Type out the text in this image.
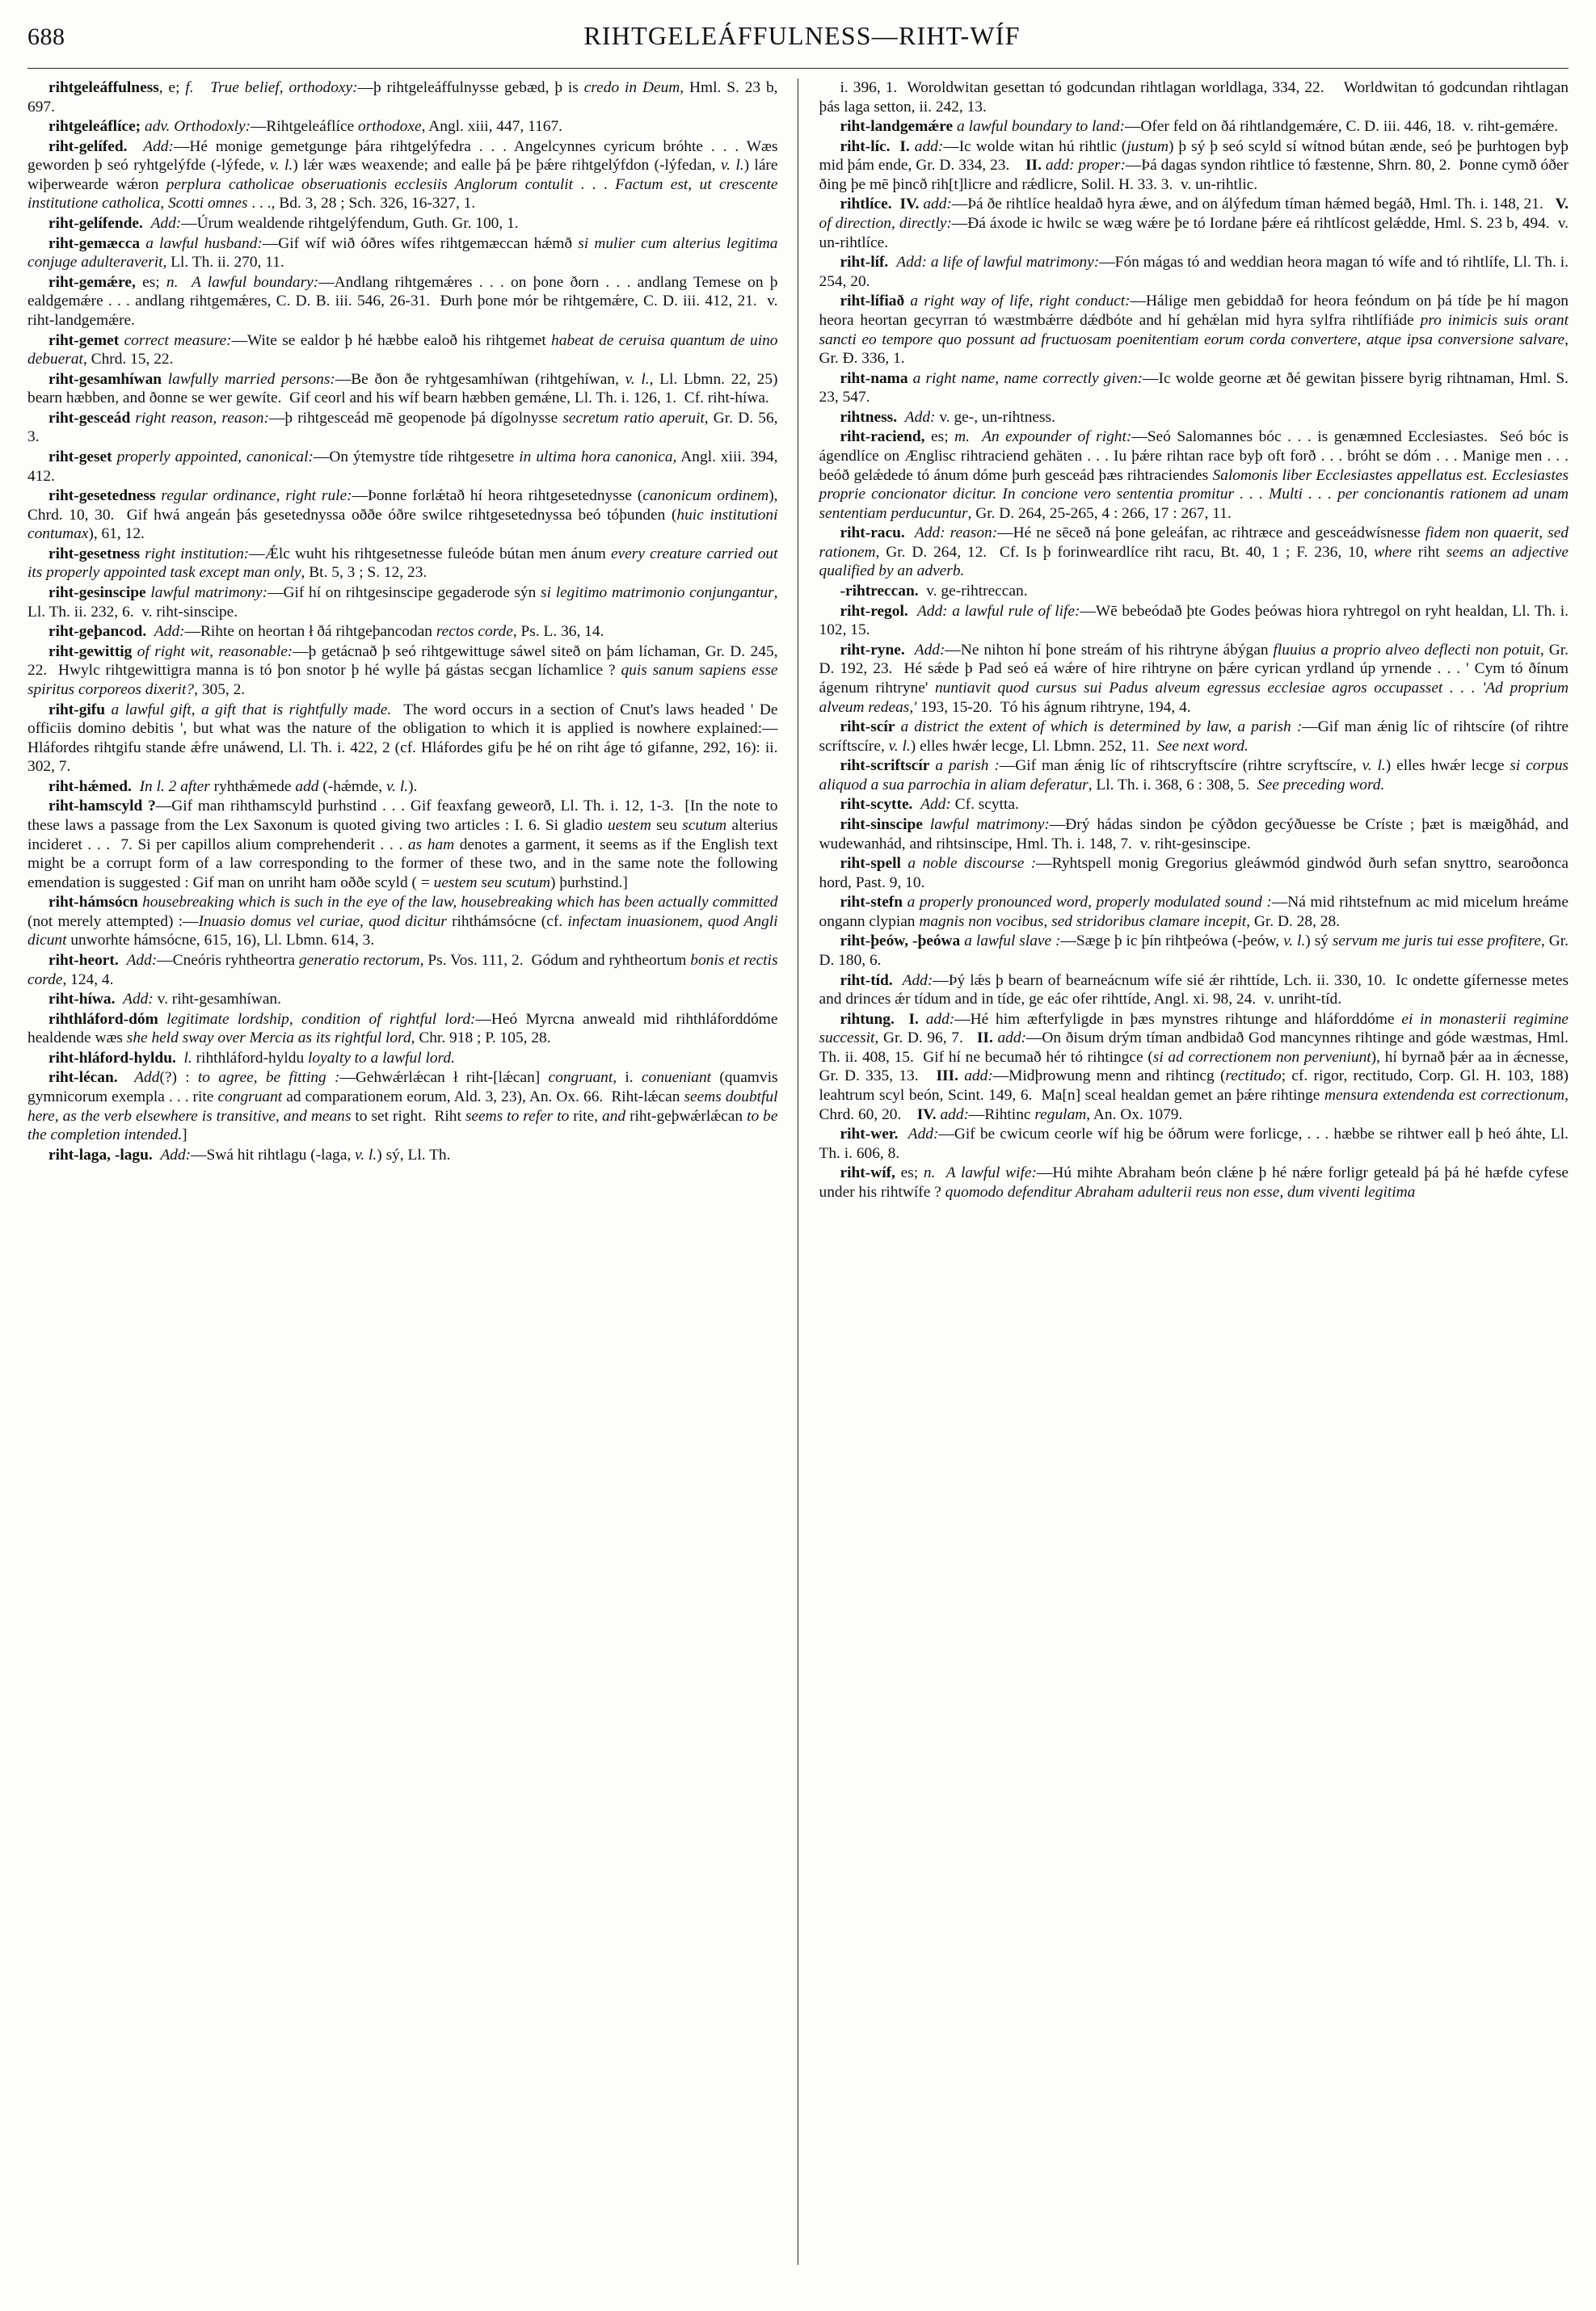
688	RIHTGELEÁFFULNESS—RIHT-WÍF

rihtgeleáffulness, e; f. True belief, orthodoxy:—þ rihtgeleáffulnysse gebæd, þ is credo in Deum, Hml. S. 23 b, 697.

rihtgeleáflíce; adv. Orthodoxly:—Rihtgeleáflíce orthodoxe, Angl. xiii, 447, 1167.

riht-gelífed. Add:—Hé monige gemetgunge þára rihtgelýfedra . . . Angelcynnes cyricum bróhte . . . Wæs geworden þ seó ryhtgelýfde (-lýfede, v. l.) lǽr wæs weaxende; and ealle þá þe þǽre rihtgelýfdon (-lýfedan, v. l.) láre wiþerwearde wǽron perplura catholicae obseruationis ecclesiis Anglorum contulit . . . Factum est, ut crescente institutione catholica, Scotti omnes . . ., Bd. 3, 28 ; Sch. 326, 16-327, 1.

riht-gelífende. Add:—Úrum wealdende rihtgelýfendum, Guth. Gr. 100, 1.

riht-gemæcca a lawful husband:—Gif wíf wið óðres wífes rihtgemæccan hǽmð si mulier cum alterius legitima conjuge adulteraverit, Ll. Th. ii. 270, 11.

riht-gemǽre, es; n. A lawful boundary:—Andlang rihtgemǽres . . . on þone ðorn . . . andlang Temese on þ ealdgemǽre . . . andlang rihtgemǽres, C. D. B. iii. 546, 26-31.  Ðurh þone mór be rihtgemǽre, C. D. iii. 412, 21.  v. riht-landgemǽre.

riht-gemet correct measure:—Wite se ealdor þ hé hæbbe ealoð his rihtgemet habeat de ceruisa quantum de uino debuerat, Chrd. 15, 22.

riht-gesamhíwan lawfully married persons:—Be ðon ðe ryhtgesamhíwan (rihtgehíwan, v. l., Ll. Lbmn. 22, 25) bearn hæbben, and ðonne se wer gewíte.  Gif ceorl and his wíf bearn hæbben gemǽne, Ll. Th. i. 126, 1.  Cf. riht-híwa.

riht-gesceád right reason, reason:—þ rihtgesceád mē geopenode þá dígolnysse secretum ratio aperuit, Gr. D. 56, 3.

riht-geset properly appointed, canonical:—On ýtemystre tíde rihtgesetre in ultima hora canonica, Angl. xiii. 394, 412.

riht-gesetedness regular ordinance, right rule:—Þonne forlǽtað hí heora rihtgesetednysse (canonicum ordinem), Chrd. 10, 30.  Gif hwá angeán þás gesetednyssa oððe óðre swilce rihtgesetednyssa beó tóþunden (huic institutioni contumax), 61, 12.

riht-gesetness right institution:—Ǽlc wuht his rihtgesetnesse fuleóde bútan men ánum every creature carried out its properly appointed task except man only, Bt. 5, 3 ; S. 12, 23.

riht-gesinscipe lawful matrimony:—Gif hí on rihtgesinscipe gegaderode sýn si legitimo matrimonio conjungantur, Ll. Th. ii. 232, 6.  v. riht-sinscipe.

riht-geþancod. Add:—Rihte on heortan ł ðá rihtgeþancodan rectos corde, Ps. L. 36, 14.

riht-gewittig of right wit, reasonable:—þ getácnað þ seó rihtgewittuge sáwel siteð on þám líchaman, Gr. D. 245, 22.  Hwylc rihtgewittigra manna is tó þon snotor þ hé wylle þá gástas secgan líchamlice ? quis sanum sapiens esse spiritus corporeos dixerit?, 305, 2.

riht-gifu a lawful gift, a gift that is rightfully made.  The word occurs in a section of Cnut's laws headed ' De officiis domino debitis ', but what was the nature of the obligation to which it is applied is nowhere explained:—Hláfordes rihtgifu stande ǽfre unáwend, Ll. Th. i. 422, 2 (cf. Hláfordes gifu þe hé on riht áge tó gifanne, 292, 16): ii. 302, 7.

riht-hǽmed. In l. 2 after ryhthǽmede add (-hǽmde, v. l.).

riht-hamscyld ?—Gif man rihthamscyld þurhstind . . . Gif feaxfang geweorð, Ll. Th. i. 12, 1-3.  [In the note to these laws a passage from the Lex Saxonum is quoted giving two articles : I. 6. Si gladio uestem seu scutum alterius incideret . . .  7. Si per capillos alium comprehenderit . . . as ham denotes a garment, it seems as if the English text might be a corrupt form of a law corresponding to the former of these two, and in the same note the following emendation is suggested : Gif man on unriht ham oððe scyld ( = uestem seu scutum) þurhstind.]

riht-hámsócn housebreaking which is such in the eye of the law, housebreaking which has been actually committed (not merely attempted) :—Inuasio domus vel curiae, quod dicitur rihthámsócne (cf. infectam inuasionem, quod Angli dicunt unworhte hámsócne, 615, 16), Ll. Lbmn. 614, 3.

riht-heort. Add:—Cneóris ryhtheortra generatio rectorum, Ps. Vos. 111, 2.  Gódum and ryhtheortum bonis et rectis corde, 124, 4.

riht-híwa. Add: v. riht-gesamhíwan.

rihthláford-dóm legitimate lordship, condition of rightful lord:—Heó Myrcna anweald mid rihthláforddóme healdende wæs she held sway over Mercia as its rightful lord, Chr. 918 ; P. 105, 28.

riht-hláford-hyldu. l. rihthláford-hyldu loyalty to a lawful lord.

riht-lécan. Add(?) : to agree, be fitting :—Gehwǽrlǽcan ł riht-[lǽcan] congruant, i. conueniant (quamvis gymnicorum exempla . . . rite congruant ad comparationem eorum, Ald. 3, 23), An. Ox. 66.  Riht-lǽcan seems doubtful here, as the verb elsewhere is transitive, and means to set right.  Riht seems to refer to rite, and riht-geþwǽrlǽcan to be the completion intended.]

riht-laga, -lagu. Add:—Swá hit rihtlagu (-laga, v. l.) sý, Ll. Th.

i. 396, 1.  Woroldwitan gesettan tó godcundan rihtlagan worldlaga, 334, 22.    Worldwitan tó godcundan rihtlagan þás laga setton, ii. 242, 13.

riht-landgemǽre a lawful boundary to land:—Ofer feld on ðá rihtlandgemǽre, C. D. iii. 446, 18.  v. riht-gemǽre.

riht-líc. I. add:—Ic wolde witan hú rihtlic (justum) þ sý þ seó scyld sí wítnod bútan ænde, seó þe þurhtogen byþ mid þám ende, Gr. D. 334, 23.    II. add: proper:—Þá dagas syndon rihtlice tó fæstenne, Shrn. 80, 2.  Þonne cymð óðer ðing þe mē þincð rih[t]licre and rǽdlicre, Solil. H. 33. 3.  v. un-rihtlic.

rihtlíce. IV. add:—Þá ðe rihtlíce healdað hyra ǽwe, and on álýfedum tíman hǽmed begáð, Hml. Th. i. 148, 21.   V. of direction, directly:—Ðá áxode ic hwilc se wæg wǽre þe tó Iordane þǽre eá rihtlícost gelǽdde, Hml. S. 23 b, 494.  v. un-rihtlíce.

riht-líf. Add: a life of lawful matrimony:—Fón mágas tó and weddian heora magan tó wífe and tó rihtlífe, Ll. Th. i. 254, 20.

riht-lífiað a right way of life, right conduct:—Hálige men gebiddað for heora feóndum on þá tíde þe hí magon heora heortan gecyrran tó wæstmbǽrre dǽdbóte and hí gehǽlan mid hyra sylfra rihtlífiáde pro inimicis suis orant sancti eo tempore quo possunt ad fructuosam poenitentiam eorum corda convertere, atque ipsa conversione salvare, Gr. Ð. 336, 1.

riht-nama a right name, name correctly given:—Ic wolde georne æt ðé gewitan þissere byrig rihtnaman, Hml. S. 23, 547.

rihtness. Add: v. ge-, un-rihtness.

riht-raciend, es; m. An expounder of right:—Seó Salomannes bóc . . . is genæmned Ecclesiastes.  Seó bóc is ágendlíce on Ænglisc rihtraciend gehäten . . . Iu þǽre rihtan race byþ oft forð . . . bróht se dóm . . . Manige men . . . beóð gelǽdede tó ánum dóme þurh gesceád þæs rihtraciendes Salomonis liber Ecclesiastes appellatus est. Ecclesiastes proprie concionator dicitur. In concione vero sententia promitur . . . Multi . . . per concionantis rationem ad unam sententiam perducuntur, Gr. D. 264, 25-265, 4 : 266, 17 : 267, 11.

riht-racu. Add: reason:—Hé ne sēceð ná þone geleáfan, ac rihtræce and gesceádwísnesse fidem non quaerit, sed rationem, Gr. D. 264, 12.  Cf. Is þ forinweardlíce riht racu, Bt. 40, 1 ; F. 236, 10, where riht seems an adjective qualified by an adverb.

-rihtreccan.  v. ge-rihtreccan.

riht-regol. Add: a lawful rule of life:—Wē bebeódað þte Godes þeówas hiora ryhtregol on ryht healdan, Ll. Th. i. 102, 15.

riht-ryne. Add:—Ne nihton hí þone streám of his rihtryne ábýgan fluuius a proprio alveo deflecti non potuit, Gr. D. 192, 23.  Hé sǽde þ Pad seó eá wǽre of hire rihtryne on þǽre cyrican yrdland úp yrnende . . . ' Cym tó ðínum ágenum rihtryne' nuntiavit quod cursus sui Padus alveum egressus ecclesiae agros occupasset . . . 'Ad proprium alveum redeas,' 193, 15-20.  Tó his ágnum rihtryne, 194, 4.

riht-scír a district the extent of which is determined by law, a parish :—Gif man ǽnig líc of rihtscíre (of rihtre scríftscíre, v. l.) elles hwǽr lecge, Ll. Lbmn. 252, 11.  See next word.

riht-scriftscír a parish :—Gif man ǽnig líc of rihtscryftscíre (rihtre scryftscíre, v. l.) elles hwǽr lecge si corpus aliquod a sua parrochia in aliam deferatur, Ll. Th. i. 368, 6 : 308, 5.  See preceding word.

riht-scytte. Add: Cf. scytta.

riht-sinscipe lawful matrimony:—Ðrý hádas sindon þe cýðdon gecýðuesse be Críste ; þæt is mæigðhád, and wudewanhád, and rihtsinscipe, Hml. Th. i. 148, 7.  v. riht-gesinscipe.

riht-spell a noble discourse :—Ryhtspell monig Gregorius gleáwmód gindwód ðurh sefan snyttro, searoðonca hord, Past. 9, 10.

riht-stefn a properly pronounced word, properly modulated sound :—Ná mid rihtstefnum ac mid micelum hreáme ongann clypian magnis non vocibus, sed stridoribus clamare incepit, Gr. D. 28, 28.

riht-þeów, -þeówa a lawful slave :—Sæge þ ic þín rihtþeówa (-þeów, v. l.) sý servum me juris tui esse profitere, Gr. D. 180, 6.

riht-tíd. Add:—Þý lǽs þ bearn of bearneácnum wífe sié ǽr rihttíde, Lch. ii. 330, 10.  Ic ondette gífernesse metes and drinces ǽr tídum and in tíde, ge eác ofer rihttíde, Angl. xi. 98, 24.  v. unriht-tíd.

rihtung. I. add:—Hé him æfterfyligde in þæs mynstres rihtunge and hláforddóme ei in monasterii regimine successit, Gr. D. 96, 7.   II. add:—On ðisum drým tíman andbidað God mancynnes rihtinge and góde wæstmas, Hml. Th. ii. 408, 15.  Gif hí ne becumað hér tó rihtingce (si ad correctionem non perveniunt), hí byrnað þǽr aa in ǽcnesse, Gr. D. 335, 13.   III. add:—Midþrowung menn and rihtincg (rectitudo; cf. rigor, rectitudo, Corp. Gl. H. 103, 188) leahtrum scyl beón, Scint. 149, 6.  Ma[n] sceal healdan gemet an þǽre rihtinge mensura extendenda est correctionum, Chrd. 60, 20.    IV. add:—Rihtinc regulam, An. Ox. 1079.

riht-wer. Add:—Gif be cwicum ceorle wíf hig be óðrum were forlicge, . . . hæbbe se rihtwer eall þ heó áhte, Ll. Th. i. 606, 8.

riht-wíf, es; n. A lawful wife:—Hú mihte Abraham beón clǽne þ hé nǽre forligr geteald þá þá hé hæfde cyfese under his rihtwífe ? quomodo defenditur Abraham adulterii reus non esse, dum viventi legitima
